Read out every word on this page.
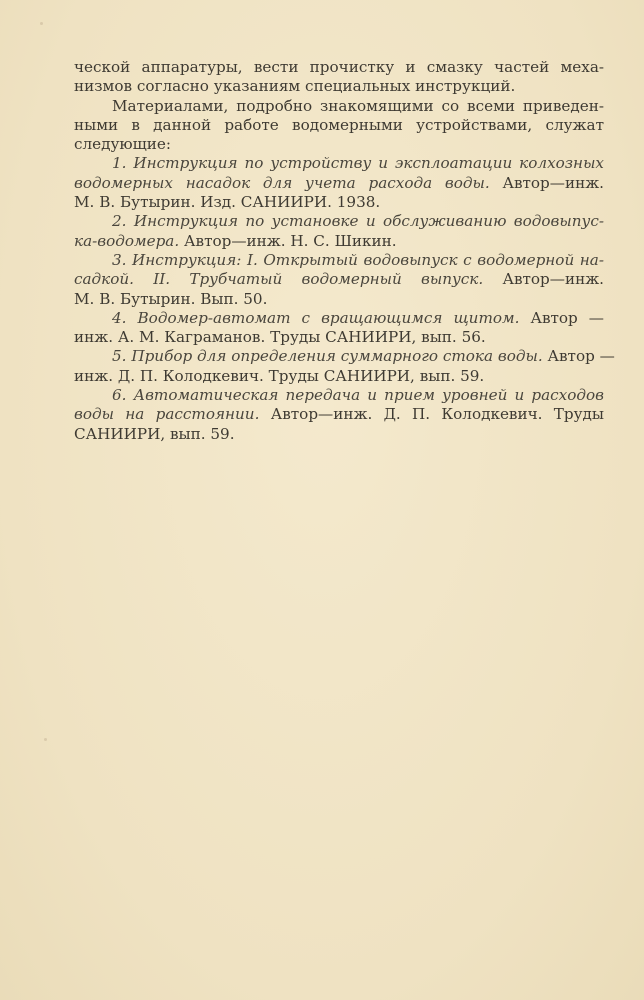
ческой аппаратуры, вести прочистку и смазку частей меха-
низмов согласно указаниям специальных инструкций.
Материалами, подробно знакомящими со всеми приведен-
ными в данной работе водомерными устройствами, служат
следующие:
1. Инструкция по устройству и эксплоатации колхозных
водомерных насадок для учета расхода воды. Автор—инж.
М. В. Бутырин. Изд. САНИИРИ. 1938.
2. Инструкция по установке и обслуживанию водовыпус-
ка-водомера. Автор—инж. Н. С. Шикин.
3. Инструкция: I. Открытый водовыпуск с водомерной на-
садкой. II. Трубчатый водомерный выпуск. Автор—инж.
М. В. Бутырин. Вып. 50.
4. Водомер-автомат с вращающимся щитом. Автор —
инж. А. М. Каграманов. Труды САНИИРИ, вып. 56.
5. Прибор для определения суммарного стока воды. Автор —
инж. Д. П. Колодкевич. Труды САНИИРИ, вып. 59.
6. Автоматическая передача и прием уровней и расходов
воды на расстоянии. Автор—инж. Д. П. Колодкевич. Труды
САНИИРИ, вып. 59.
